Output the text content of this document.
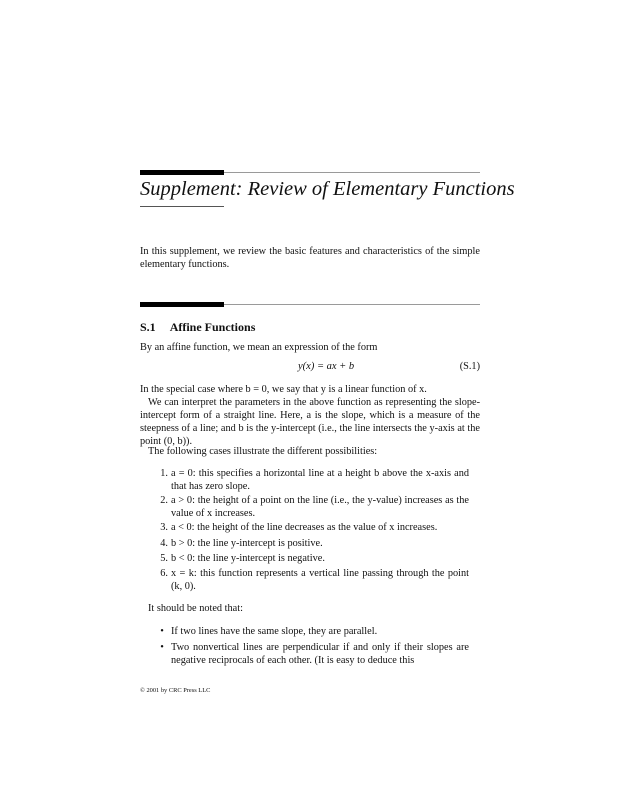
Supplement: Review of Elementary Functions
In this supplement, we review the basic features and characteristics of the simple elementary functions.
S.1 Affine Functions
By an affine function, we mean an expression of the form
y(x) = ax + b	(S.1)
In the special case where b = 0, we say that y is a linear function of x.
We can interpret the parameters in the above function as representing the slope-intercept form of a straight line. Here, a is the slope, which is a measure of the steepness of a line; and b is the y-intercept (i.e., the line intersects the y-axis at the point (0, b)).
The following cases illustrate the different possibilities:
1. a = 0: this specifies a horizontal line at a height b above the x-axis and that has zero slope.
2. a > 0: the height of a point on the line (i.e., the y-value) increases as the value of x increases.
3. a < 0: the height of the line decreases as the value of x increases.
4. b > 0: the line y-intercept is positive.
5. b < 0: the line y-intercept is negative.
6. x = k: this function represents a vertical line passing through the point (k, 0).
It should be noted that:
• If two lines have the same slope, they are parallel.
• Two nonvertical lines are perpendicular if and only if their slopes are negative reciprocals of each other. (It is easy to deduce this
© 2001 by CRC Press LLC
